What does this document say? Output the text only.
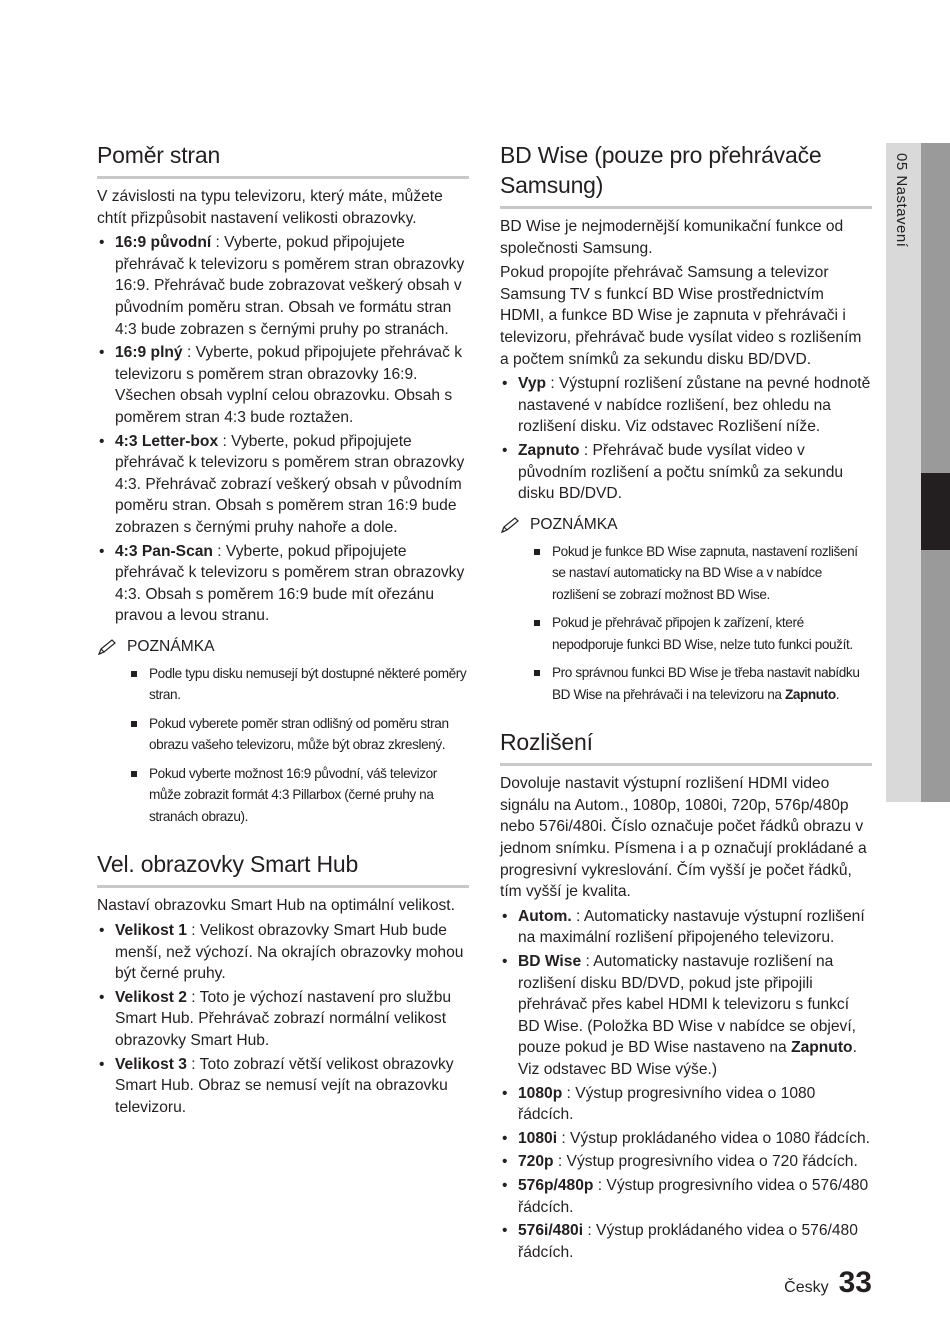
05 Nastavení
Poměr stran

V závislosti na typu televizoru, který máte, můžete chtít přizpůsobit nastavení velikosti obrazovky.

• 16:9 původní : Vyberte, pokud připojujete přehrávač k televizoru s poměrem stran obrazovky 16:9. Přehrávač bude zobrazovat veškerý obsah v původním poměru stran. Obsah ve formátu stran 4:3 bude zobrazen s černými pruhy po stranách.
• 16:9 plný : Vyberte, pokud připojujete přehrávač k televizoru s poměrem stran obrazovky 16:9. Všechen obsah vyplní celou obrazovku. Obsah s poměrem stran 4:3 bude roztažen.
• 4:3 Letter-box : Vyberte, pokud připojujete přehrávač k televizoru s poměrem stran obrazovky 4:3. Přehrávač zobrazí veškerý obsah v původním poměru stran. Obsah s poměrem stran 16:9 bude zobrazen s černými pruhy nahoře a dole.
• 4:3 Pan-Scan : Vyberte, pokud připojujete přehrávač k televizoru s poměrem stran obrazovky 4:3. Obsah s poměrem 16:9 bude mít ořezánu pravou a levou stranu.
POZNÁMKA
Podle typu disku nemusejí být dostupné některé poměry stran.
Pokud vyberete poměr stran odlišný od poměru stran obrazu vašeho televizoru, může být obraz zkreslený.
Pokud vyberte možnost 16:9 původní, váš televizor může zobrazit formát 4:3 Pillarbox (černé pruhy na stranách obrazu).
Vel. obrazovky Smart Hub

Nastaví obrazovku Smart Hub na optimální velikost.

• Velikost 1 : Velikost obrazovky Smart Hub bude menší, než výchozí. Na okrajích obrazovky mohou být černé pruhy.
• Velikost 2 : Toto je výchozí nastavení pro službu Smart Hub. Přehrávač zobrazí normální velikost obrazovky Smart Hub.
• Velikost 3 : Toto zobrazí větší velikost obrazovky Smart Hub. Obraz se nemusí vejít na obrazovku televizoru.
BD Wise (pouze pro přehrávače Samsung)

BD Wise je nejmodernější komunikační funkce od společnosti Samsung.

Pokud propojíte přehrávač Samsung a televizor Samsung TV s funkcí BD Wise prostřednictvím HDMI, a funkce BD Wise je zapnuta v přehrávači i televizoru, přehrávač bude vysílat video s rozlišením a počtem snímků za sekundu disku BD/DVD.

• Vyp : Výstupní rozlišení zůstane na pevné hodnotě nastavené v nabídce rozlišení, bez ohledu na rozlišení disku. Viz odstavec Rozlišení níže.
• Zapnuto : Přehrávač bude vysílat video v původním rozlišení a počtu snímků za sekundu disku BD/DVD.
POZNÁMKA
Pokud je funkce BD Wise zapnuta, nastavení rozlišení se nastaví automaticky na BD Wise a v nabídce rozlišení se zobrazí možnost BD Wise.
Pokud je přehrávač připojen k zařízení, které nepodporuje funkci BD Wise, nelze tuto funkci použít.
Pro správnou funkci BD Wise je třeba nastavit nabídku BD Wise na přehrávači i na televizoru na Zapnuto.
Rozlišení

Dovoluje nastavit výstupní rozlišení HDMI video signálu na Autom., 1080p, 1080i, 720p, 576p/480p nebo 576i/480i. Číslo označuje počet řádků obrazu v jednom snímku. Písmena i a p označují prokládané a progresivní vykreslování. Čím vyšší je počet řádků, tím vyšší je kvalita.

• Autom. : Automaticky nastavuje výstupní rozlišení na maximální rozlišení připojeného televizoru.
• BD Wise : Automaticky nastavuje rozlišení na rozlišení disku BD/DVD, pokud jste připojili přehrávač přes kabel HDMI k televizoru s funkcí BD Wise. (Položka BD Wise v nabídce se objeví, pouze pokud je BD Wise nastaveno na Zapnuto. Viz odstavec BD Wise výše.)
• 1080p : Výstup progresivního videa o 1080 řádcích.
• 1080i : Výstup prokládaného videa o 1080 řádcích.
• 720p : Výstup progresivního videa o 720 řádcích.
• 576p/480p : Výstup progresivního videa o 576/480 řádcích.
• 576i/480i : Výstup prokládaného videa o 576/480 řádcích.
Česky 33
